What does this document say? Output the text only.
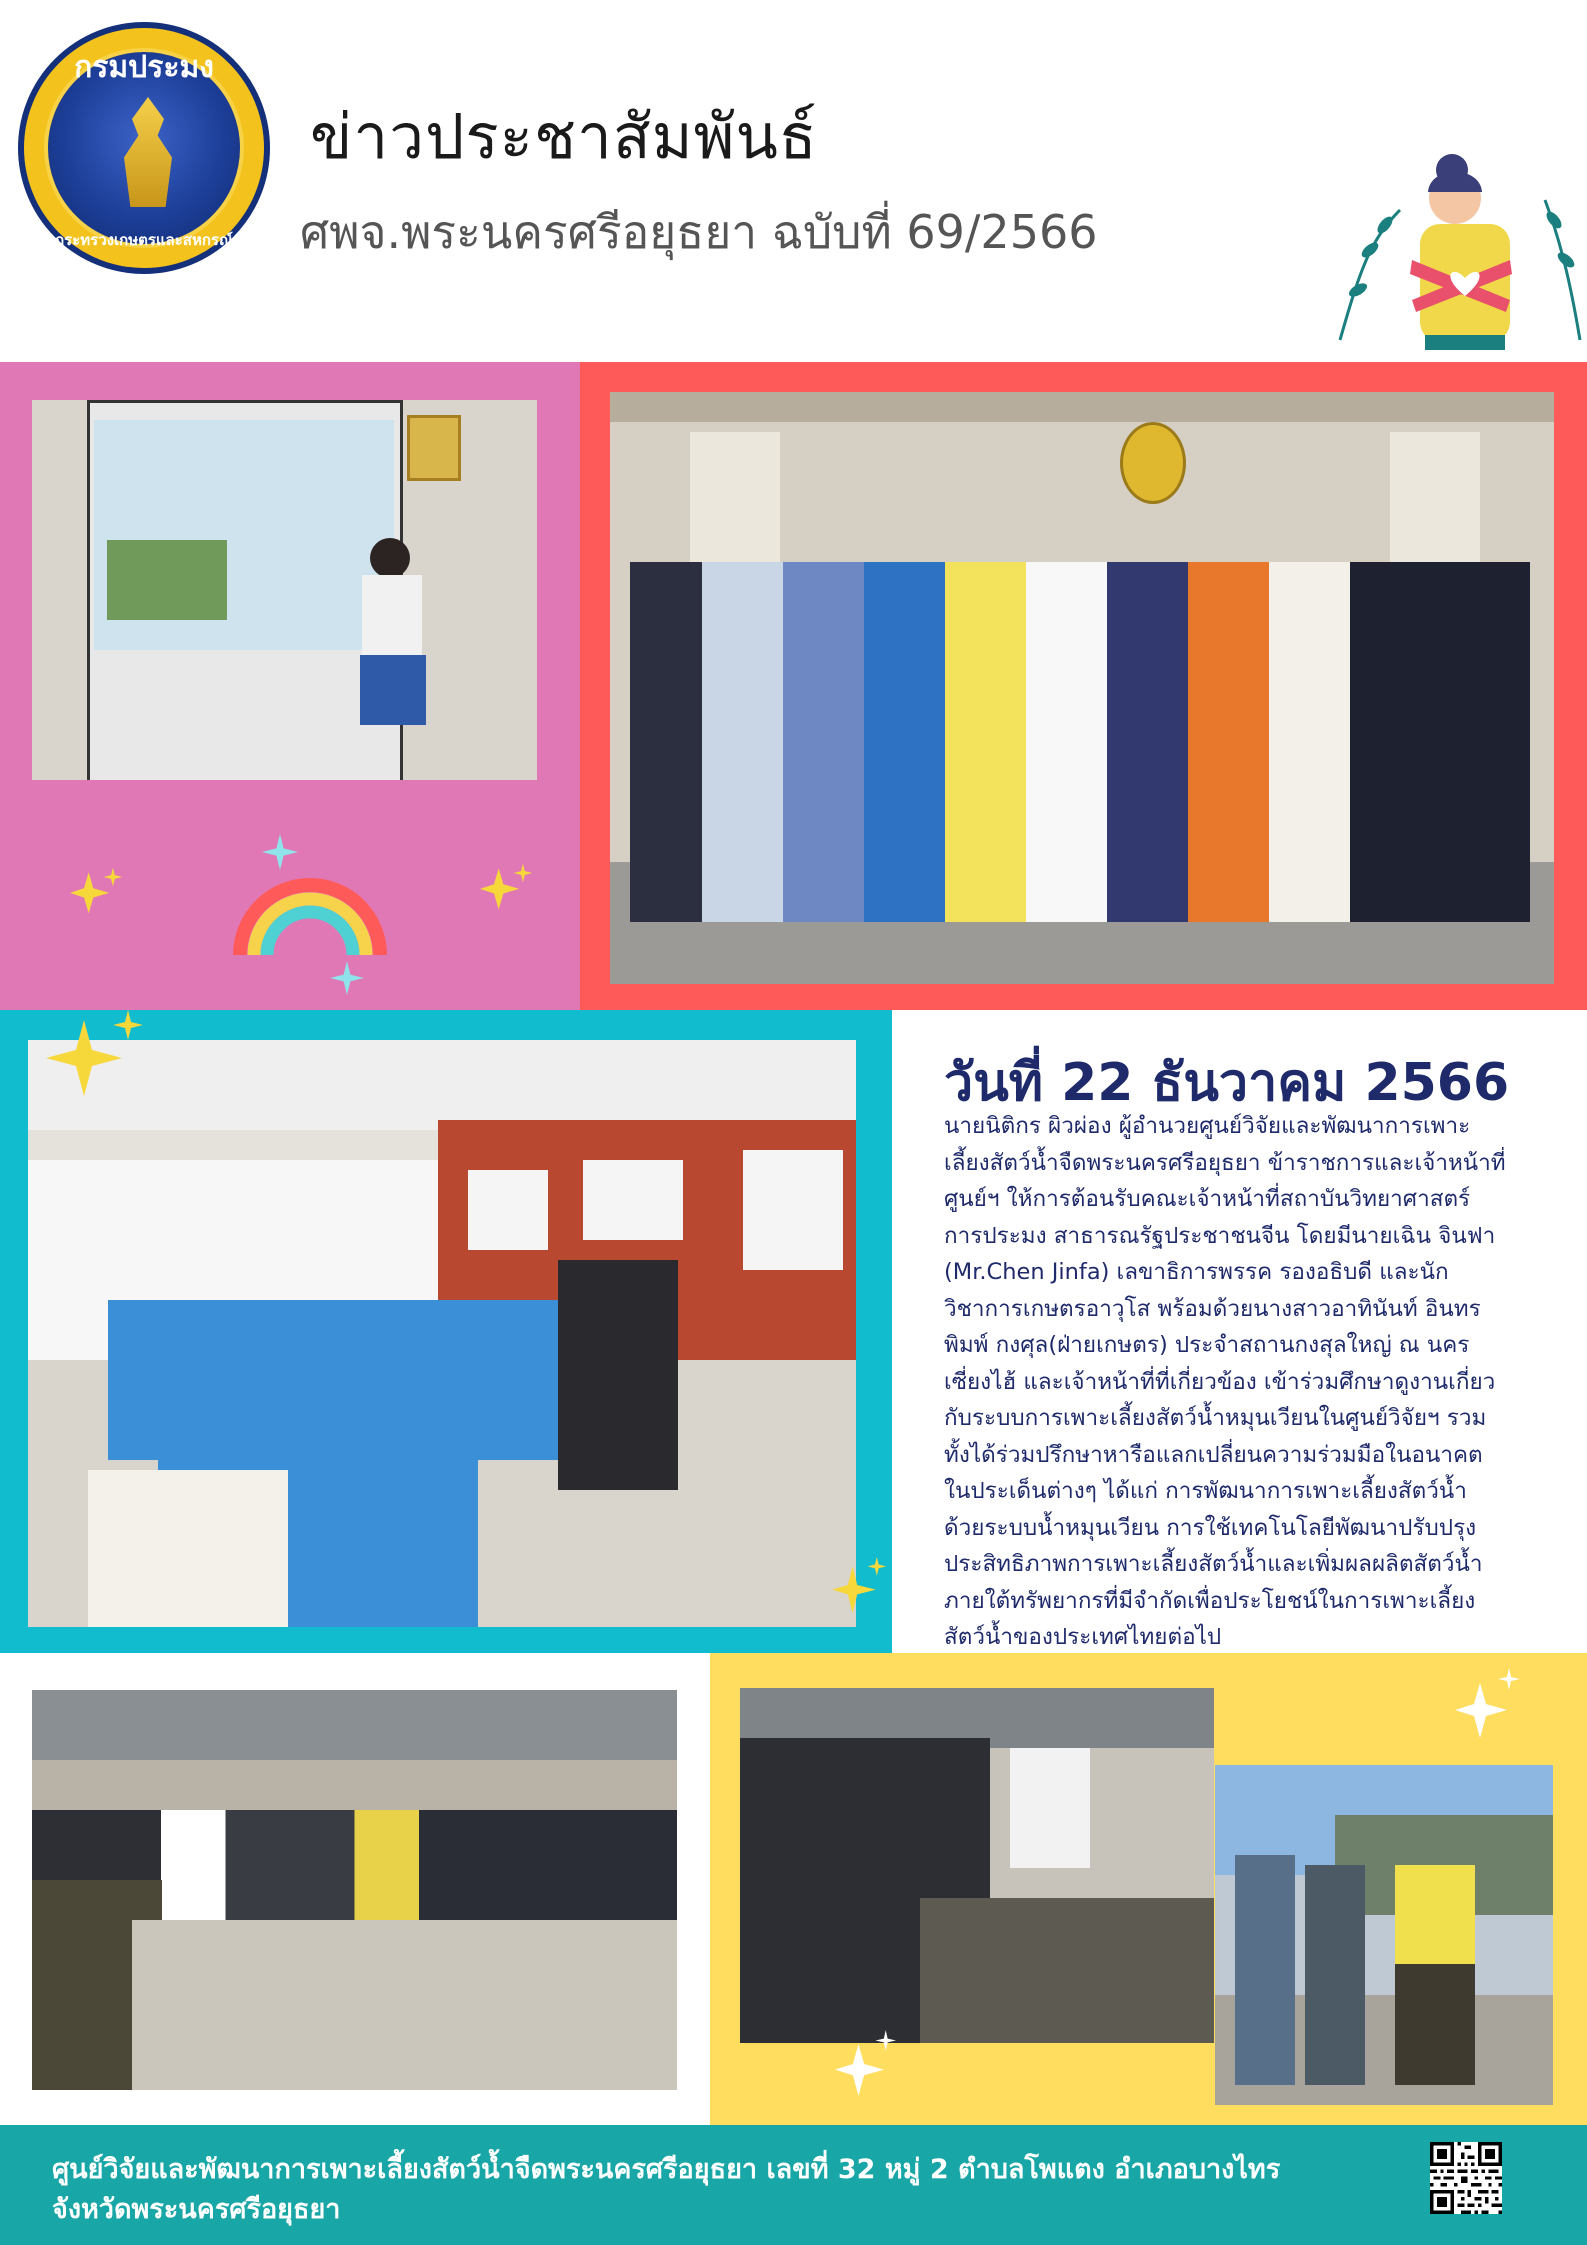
กรมประมง
กระทรวงเกษตรและสหกรณ์
ข่าวประชาสัมพันธ์
ศพจ.พระนครศรีอยุธยา ฉบับที่ 69/2566
วันที่ 22 ธันวาคม 2566
นายนิติกร ผิวผ่อง ผู้อำนวยศูนย์วิจัยและพัฒนาการเพาะ
เลี้ยงสัตว์น้ำจืดพระนครศรีอยุธยา ข้าราชการและเจ้าหน้าที่
ศูนย์ฯ ให้การต้อนรับคณะเจ้าหน้าที่สถาบันวิทยาศาสตร์
การประมง สาธารณรัฐประชาชนจีน โดยมีนายเฉิน จินฟา
(Mr.Chen Jinfa) เลขาธิการพรรค รองอธิบดี และนัก
วิชาการเกษตรอาวุโส พร้อมด้วยนางสาวอาทินันท์ อินทร
พิมพ์ กงศุล(ฝ่ายเกษตร) ประจำสถานกงสุลใหญ่ ณ นคร
เซี่ยงไฮ้ และเจ้าหน้าที่ที่เกี่ยวข้อง เข้าร่วมศึกษาดูงานเกี่ยว
กับระบบการเพาะเลี้ยงสัตว์น้ำหมุนเวียนในศูนย์วิจัยฯ รวม
ทั้งได้ร่วมปรึกษาหารือแลกเปลี่ยนความร่วมมือในอนาคต
ในประเด็นต่างๆ ได้แก่ การพัฒนาการเพาะเลี้ยงสัตว์น้ำ
ด้วยระบบน้ำหมุนเวียน การใช้เทคโนโลยีพัฒนาปรับปรุง
ประสิทธิภาพการเพาะเลี้ยงสัตว์น้ำและเพิ่มผลผลิตสัตว์น้ำ
ภายใต้ทรัพยากรที่มีจำกัดเพื่อประโยชน์ในการเพาะเลี้ยง
สัตว์น้ำของประเทศไทยต่อไป
ศูนย์วิจัยและพัฒนาการเพาะเลี้ยงสัตว์น้ำจืดพระนครศรีอยุธยา เลขที่ 32 หมู่ 2 ตำบลโพแตง อำเภอบางไทร
จังหวัดพระนครศรีอยุธยา
